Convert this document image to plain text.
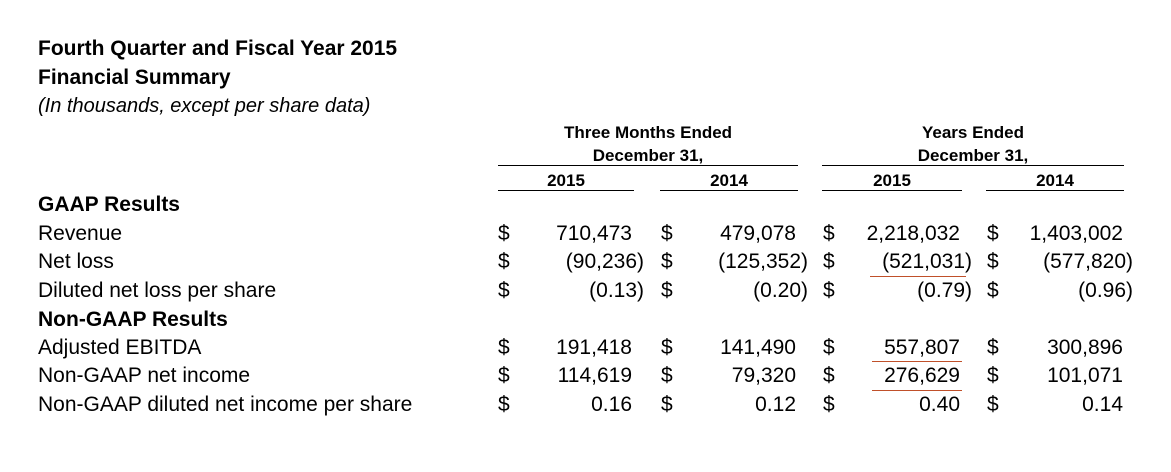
Fourth Quarter and Fiscal Year 2015
Financial Summary
(In thousands, except per share data)
Three Months Ended
December 31,
Years Ended
December 31,
2015	2014	2015	2014
GAAP Results
Revenue	$	710,473 $	479,078 $	2,218,032 $	1,403,002
Net loss	$	(90,236) $	(125,352) $	(521,031) $	(577,820)
Diluted net loss per share	$	(0.13) $	(0.20) $	(0.79) $	(0.96)
Non-GAAP Results
Adjusted EBITDA	$	191,418 $	141,490 $	557,807 $	300,896
Non-GAAP net income	$	114,619 $	79,320 $	276,629 $	101,071
Non-GAAP diluted net income per share	$	0.16 $	0.12 $	0.40 $	0.14
